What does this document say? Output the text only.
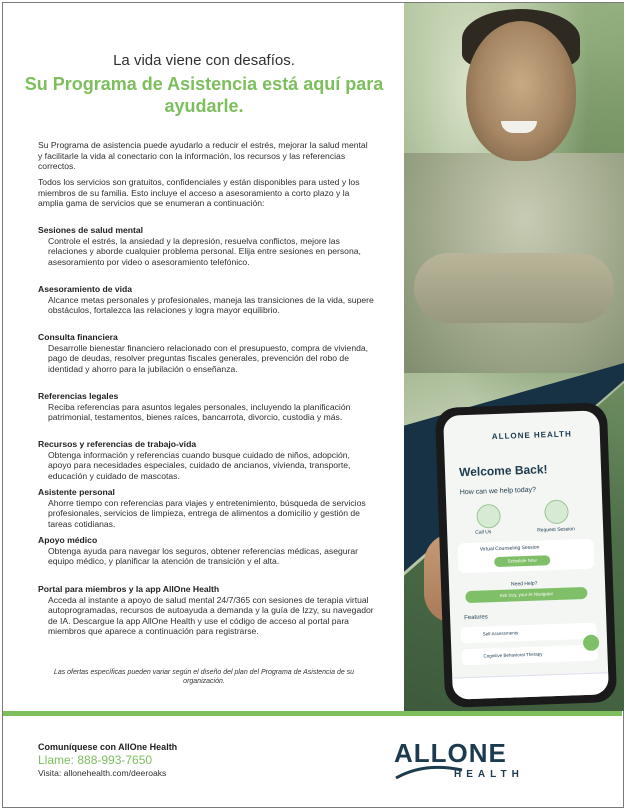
ALLONE HEALTH
Welcome Back!
How can we help today?
Call Us	Request Session
Virtual Counseling Session
Schedule Now
Need Help?
Ask Izzy, your AI Navigator
Features
Self Assessments
Cognitive Behavioral Therapy
La vida viene con desafíos.
Su Programa de Asistencia está aquí para ayudarle.
Su Programa de asistencia puede ayudarlo a reducir el estrés, mejorar la salud mental y facilitarle la vida al conectario con la información, los recursos y las referencias correctos.
Todos los servicios son gratuitos, confidenciales y están disponibles para usted y los miembros de su familia. Esto incluye el acceso a asesoramiento a corto plazo y la amplia gama de servicios que se enumeran a continuación:
Sesiones de salud mental
Controle el estrés, la ansiedad y la depresión, resuelva conflictos, mejore las relaciones y aborde cualquier problema personal. Elija entre sesiones en persona, asesoramiento por video o asesoramiento telefónico.
Asesoramiento de vida
Alcance metas personales y profesionales, maneja las transiciones de la vida, supere obstáculos, fortalezca las relaciones y logra mayor equilibrio.
Consulta financiera
Desarrolle bienestar financiero relacionado con el presupuesto, compra de vivienda, pago de deudas, resolver preguntas fiscales generales, prevención del robo de identidad y ahorro para la jubilación o enseñanza.
Referencias legales
Reciba referencias para asuntos legales personales, incluyendo la planificación patrimonial, testamentos, bienes raíces, bancarrota, divorcio, custodia y más.
Recursos y referencias de trabajo-vida
Obtenga información y referencias cuando busque cuidado de niños, adopción, apoyo para necesidades especiales, cuidado de ancianos, vivienda, transporte, educación y cuidado de mascotas.
Asistente personal
Ahorre tiempo con referencias para viajes y entretenimiento, búsqueda de servicios profesionales, servicios de limpieza, entrega de alimentos a domicilio y gestión de tareas cotidianas.
Apoyo médico
Obtenga ayuda para navegar los seguros, obtener referencias médicas, asegurar equipo médico, y planificar la atención de transición y el alta.
Portal para miembros y la app AllOne Health
Acceda al instante a apoyo de salud mental 24/7/365 con sesiones de terapia virtual autoprogramadas, recursos de autoayuda a demanda y la guía de Izzy, su navegador de IA. Descargue la app AllOne Health y use el código de acceso al portal para miembros que aparece a continuación para registrarse.
Las ofertas específicas pueden variar según el diseño del plan del Programa de Asistencia de su organización.
Comuníquese con AllOne Health
Llame: 888-993-7650
Visita: allonehealth.com/deeroaks
ALLONE
HEALTH
